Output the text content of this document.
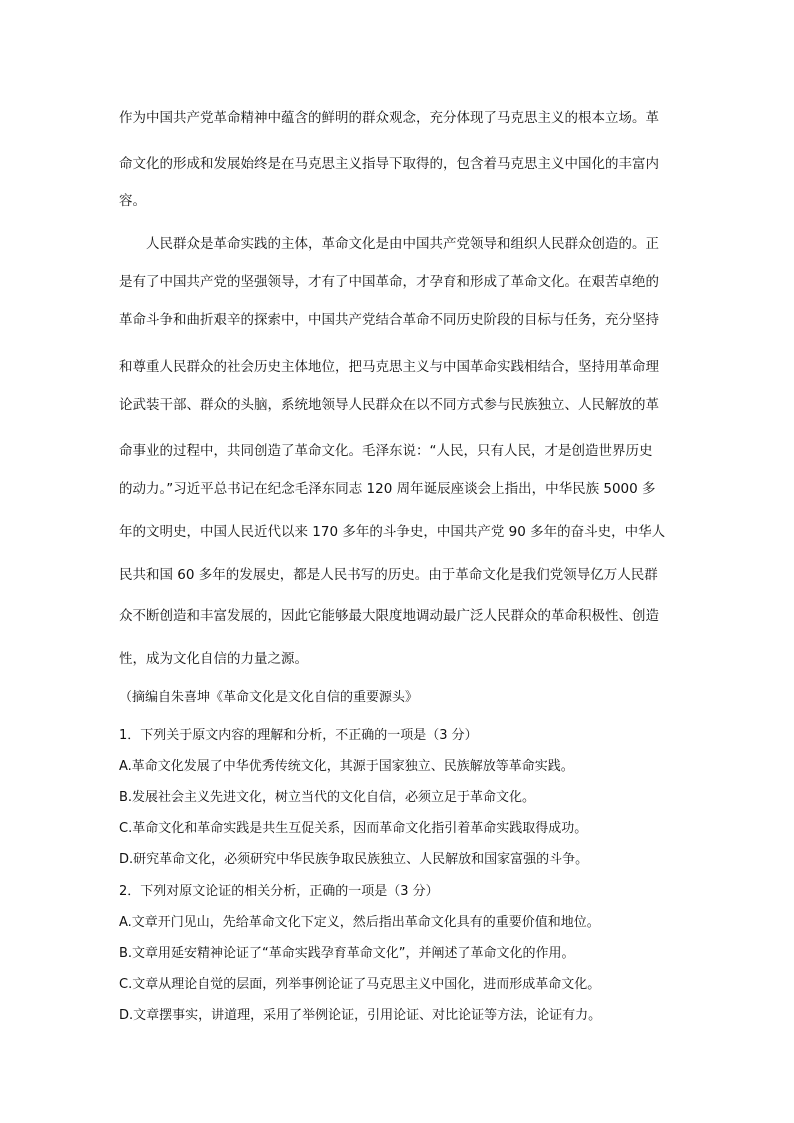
作为中国共产党革命精神中蕴含的鲜明的群众观念，充分体现了马克思主义的根本立场。革
命文化的形成和发展始终是在马克思主义指导下取得的，包含着马克思主义中国化的丰富内
容。
　　人民群众是革命实践的主体，革命文化是由中国共产党领导和组织人民群众创造的。正
是有了中国共产党的坚强领导，才有了中国革命，才孕育和形成了革命文化。在艰苦卓绝的
革命斗争和曲折艰辛的探索中，中国共产党结合革命不同历史阶段的目标与任务，充分坚持
和尊重人民群众的社会历史主体地位，把马克思主义与中国革命实践相结合，坚持用革命理
论武装干部、群众的头脑，系统地领导人民群众在以不同方式参与民族独立、人民解放的革
命事业的过程中，共同创造了革命文化。毛泽东说：“人民，只有人民，才是创造世界历史
的动力。”习近平总书记在纪念毛泽东同志 120 周年诞辰座谈会上指出，中华民族 5000 多
年的文明史，中国人民近代以来 170 多年的斗争史，中国共产党 90 多年的奋斗史，中华人
民共和国 60 多年的发展史，都是人民书写的历史。由于革命文化是我们党领导亿万人民群
众不断创造和丰富发展的，因此它能够最大限度地调动最广泛人民群众的革命积极性、创造
性，成为文化自信的力量之源。
（摘编自朱喜坤《革命文化是文化自信的重要源头》
1．下列关于原文内容的理解和分析，不正确的一项是（3 分）
A.革命文化发展了中华优秀传统文化，其源于国家独立、民族解放等革命实践。
B.发展社会主义先进文化，树立当代的文化自信，必须立足于革命文化。
C.革命文化和革命实践是共生互促关系，因而革命文化指引着革命实践取得成功。
D.研究革命文化，必须研究中华民族争取民族独立、人民解放和国家富强的斗争。
2．下列对原文论证的相关分析，正确的一项是（3 分）
A.文章开门见山，先给革命文化下定义，然后指出革命文化具有的重要价值和地位。
B.文章用延安精神论证了“革命实践孕育革命文化”，并阐述了革命文化的作用。
C.文章从理论自觉的层面，列举事例论证了马克思主义中国化，进而形成革命文化。
D.文章摆事实，讲道理，采用了举例论证，引用论证、对比论证等方法，论证有力。
